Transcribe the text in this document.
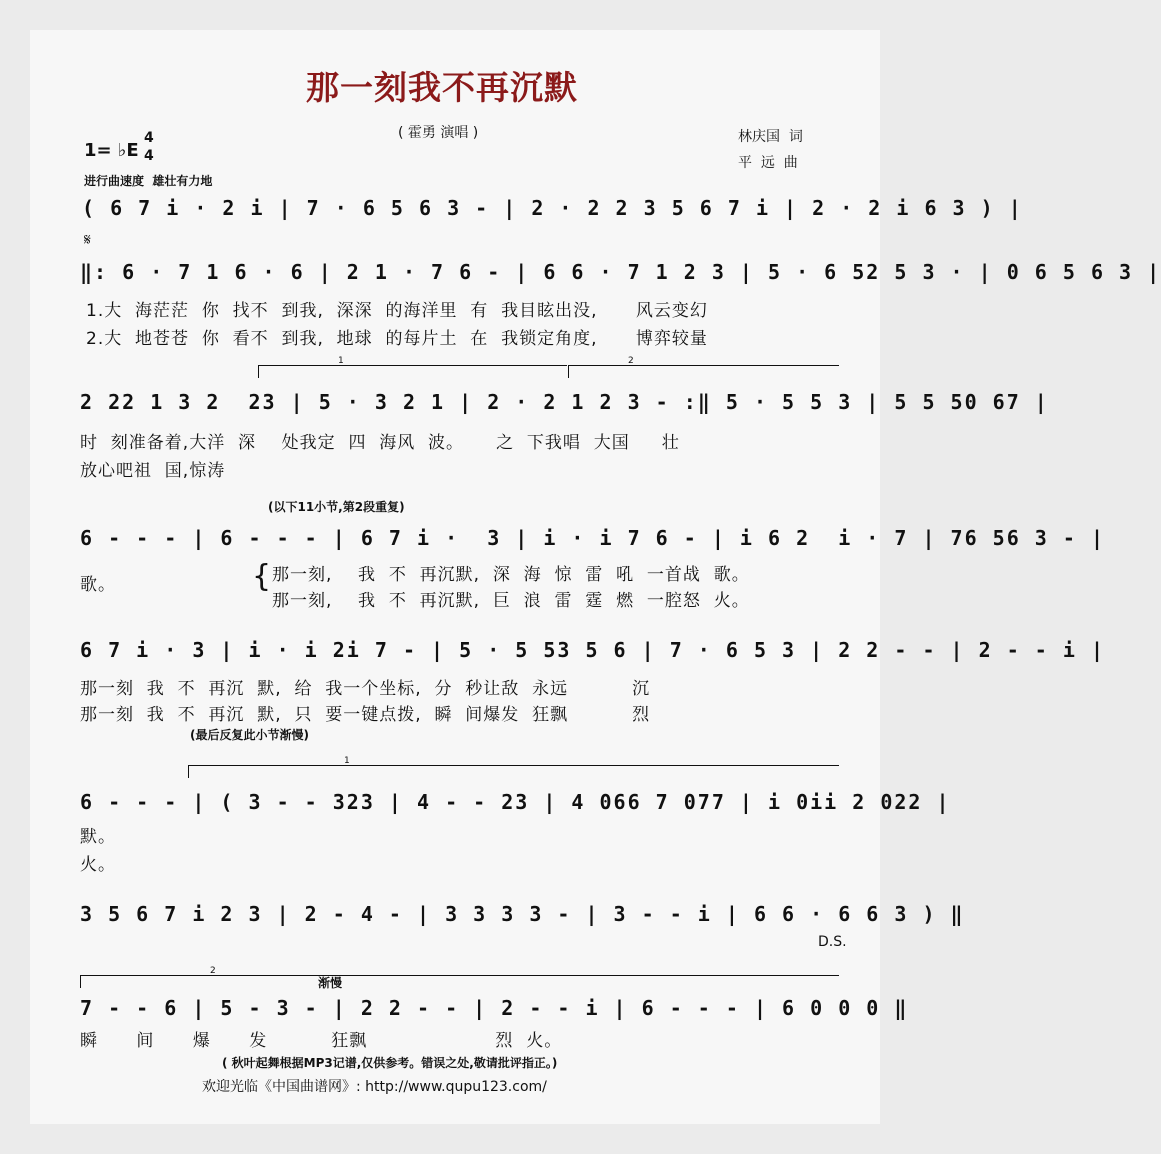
那一刻我不再沉默
( 霍勇 演唱 )	林庆国  词
平  远  曲
1= ♭E
4
4
进行曲速度  雄壮有力地
( 6 7 i · 2 i | 7 · 6 5 6 3 - | 2 · 2 2 3 5 6 7 i | 2 · 2 i 6 3 ) |
𝄋
‖: 6 · 7 1 6 · 6 | 2 1 · 7 6 - | 6 6 · 7 1 2 3 | 5 · 6 52 5 3 · | 0 6 5 6 3 |
1.大  海茫茫  你  找不  到我,  深深  的海洋里  有  我目眩出没,      风云变幻
2.大  地苍苍  你  看不  到我,  地球  的每片土  在  我锁定角度,      博弈较量
1	2
2 22 1 3 2  23 | 5 · 3 2 1 | 2 · 2 1 2 3 - :‖ 5 · 5 5 3 | 5 5 50 67 |
时  刻准备着,大洋  深    处我定  四  海风  波。     之  下我唱  大国     壮
放心吧祖  国,惊涛
(以下11小节,第2段重复)
6 - - - | 6 - - - | 6 7 i ·  3 | i · i 7 6 - | i 6 2  i · 7 | 76 56 3 - |
歌。	{ 那一刻,    我  不  再沉默,  深  海  惊  雷  吼  一首战  歌。
那一刻,    我  不  再沉默,  巨  浪  雷  霆  燃  一腔怒  火。
6 7 i · 3 | i · i 2i 7 - | 5 · 5 53 5 6 | 7 · 6 5 3 | 2 2 - - | 2 - - i |
那一刻  我  不  再沉  默,  给  我一个坐标,  分  秒让敌  永远          沉
那一刻  我  不  再沉  默,  只  要一键点拨,  瞬  间爆发  狂飘          烈
(最后反复此小节渐慢)
1
6 - - - | ( 3 - - 323 | 4 - - 23 | 4 066 7 077 | i 0ii 2 022 |
默。
火。
3 5 6 7 i 2 3 | 2 - 4 - | 3 3 3 3 - | 3 - - i | 6 6 · 6 6 3 ) ‖
D.S.
2
渐慢
7 - - 6 | 5 - 3 - | 2 2 - - | 2 - - i | 6 - - - | 6 0 0 0 ‖
瞬      间      爆      发          狂飘                    烈  火。
( 秋叶起舞根据MP3记谱,仅供参考。错误之处,敬请批评指正。)
欢迎光临《中国曲谱网》: http://www.qupu123.com/
